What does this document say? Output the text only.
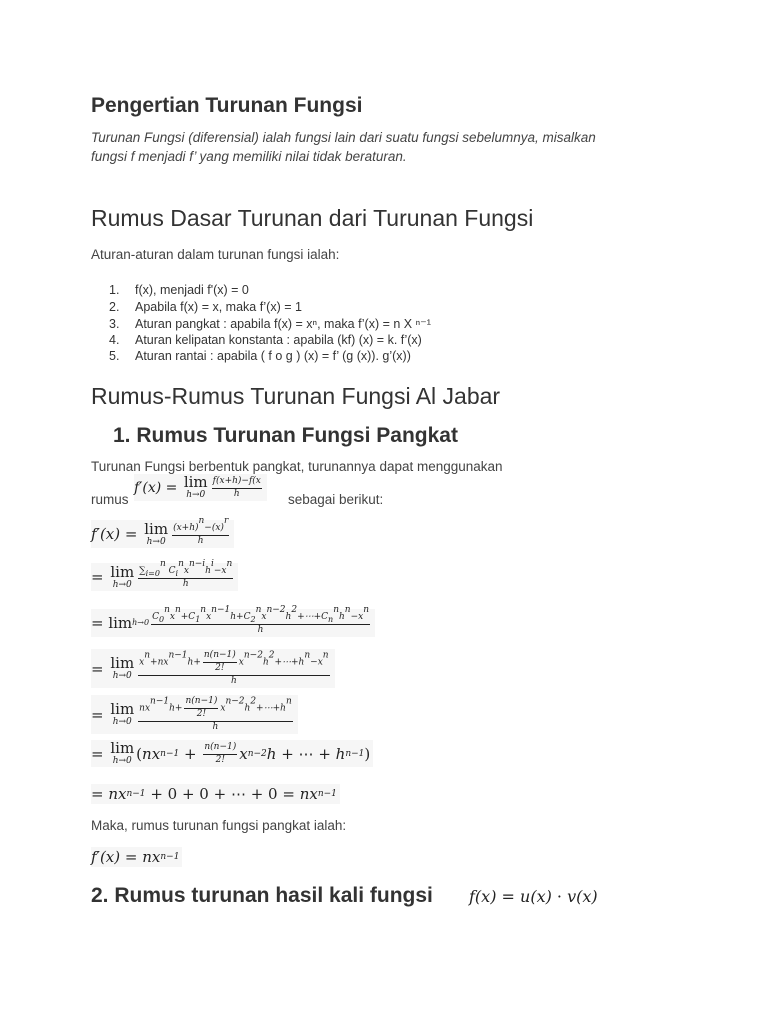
Pengertian Turunan Fungsi
Turunan Fungsi (diferensial) ialah fungsi lain dari suatu fungsi sebelumnya, misalkan
fungsi f menjadi f’ yang memiliki nilai tidak beraturan.
Rumus Dasar Turunan dari Turunan Fungsi
Aturan-aturan dalam turunan fungsi ialah:
1. f(x), menjadi f'(x) = 0
2. Apabila f(x) = x, maka f’(x) = 1
3. Aturan pangkat : apabila f(x) = xⁿ, maka f’(x) = n X ⁿ⁻¹
4. Aturan kelipatan konstanta : apabila (kf) (x) = k. f’(x)
5. Aturan rantai : apabila ( f o g ) (x) = f’ (g (x)). g’(x))
Rumus-Rumus Turunan Fungsi Al Jabar
1. Rumus Turunan Fungsi Pangkat
Turunan Fungsi berbentuk pangkat, turunannya dapat menggunakan
rumus
f′(x) = lim
$h\to 0 \frac{f(x+h)-f(x}{h}$ sebagai berikut:
f′(x) = lim
$h\to 0 \frac{(x+h)^n-(x)^r}{h}$
= lim
$h\to 0 \frac{\sum_{i=0}^n C_i^nx^{n-i}h^i-x^n}{h}$
= $\lim h\to 0 \frac{C_0^nx^n+C_1^nx^{n-1}h+C_2^nx^{n-2}h^2+\cdots+C_n^nh^n-x^n}{h}$
= lim
$h\to 0 \frac{x^n+nx^{n-1}h+ \frac{n(n-1)}{2!} x^{n-2}h^2+\cdots+h^n-x^n}{h}$
= lim
$h\to 0 \frac{nx^{n-1}h+ \frac{n(n-1)}{2!} x^{n-2}h^2+\cdots+h^n}{h}$
= lim
h→0 ( nx $n-1 + \frac{n(n-1)}{2!}$ x n−2 h + ⋯ + h n−1 )
= nx n−1 + 0 + 0 + ⋯ + 0 = nx n−1
Maka, rumus turunan fungsi pangkat ialah:
f′(x) = nx n−1
2. Rumus turunan hasil kali fungsi f(x) = u(x) · v(x)
